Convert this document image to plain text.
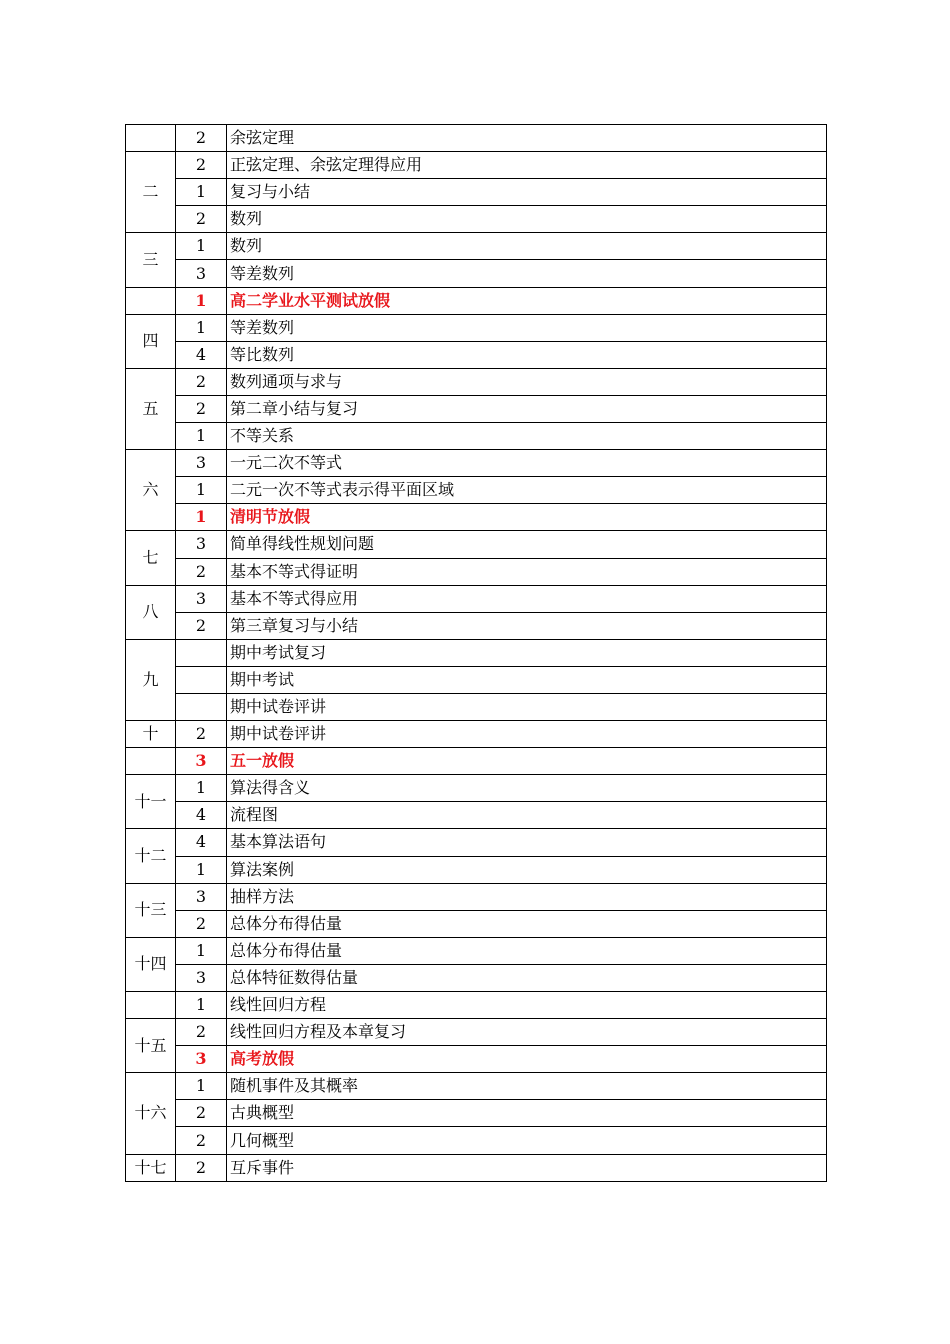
	2	余弦定理
二	2	正弦定理、余弦定理得应用
	1	复习与小结
	2	数列
三	1	数列
	3	等差数列
	1	高二学业水平测试放假
四	1	等差数列
	4	等比数列
五	2	数列通项与求与
	2	第二章小结与复习
	1	不等关系
六	3	一元二次不等式
	1	二元一次不等式表示得平面区域
	1	清明节放假
七	3	简单得线性规划问题
	2	基本不等式得证明
八	3	基本不等式得应用
	2	第三章复习与小结
九		期中考试复习
		期中考试
		期中试卷评讲
十	2	期中试卷评讲
	3	五一放假
十一	1	算法得含义
	4	流程图
十二	4	基本算法语句
	1	算法案例
十三	3	抽样方法
	2	总体分布得估量
十四	1	总体分布得估量
	3	总体特征数得估量
	1	线性回归方程
十五	2	线性回归方程及本章复习
	3	高考放假
十六	1	随机事件及其概率
	2	古典概型
	2	几何概型
十七	2	互斥事件
